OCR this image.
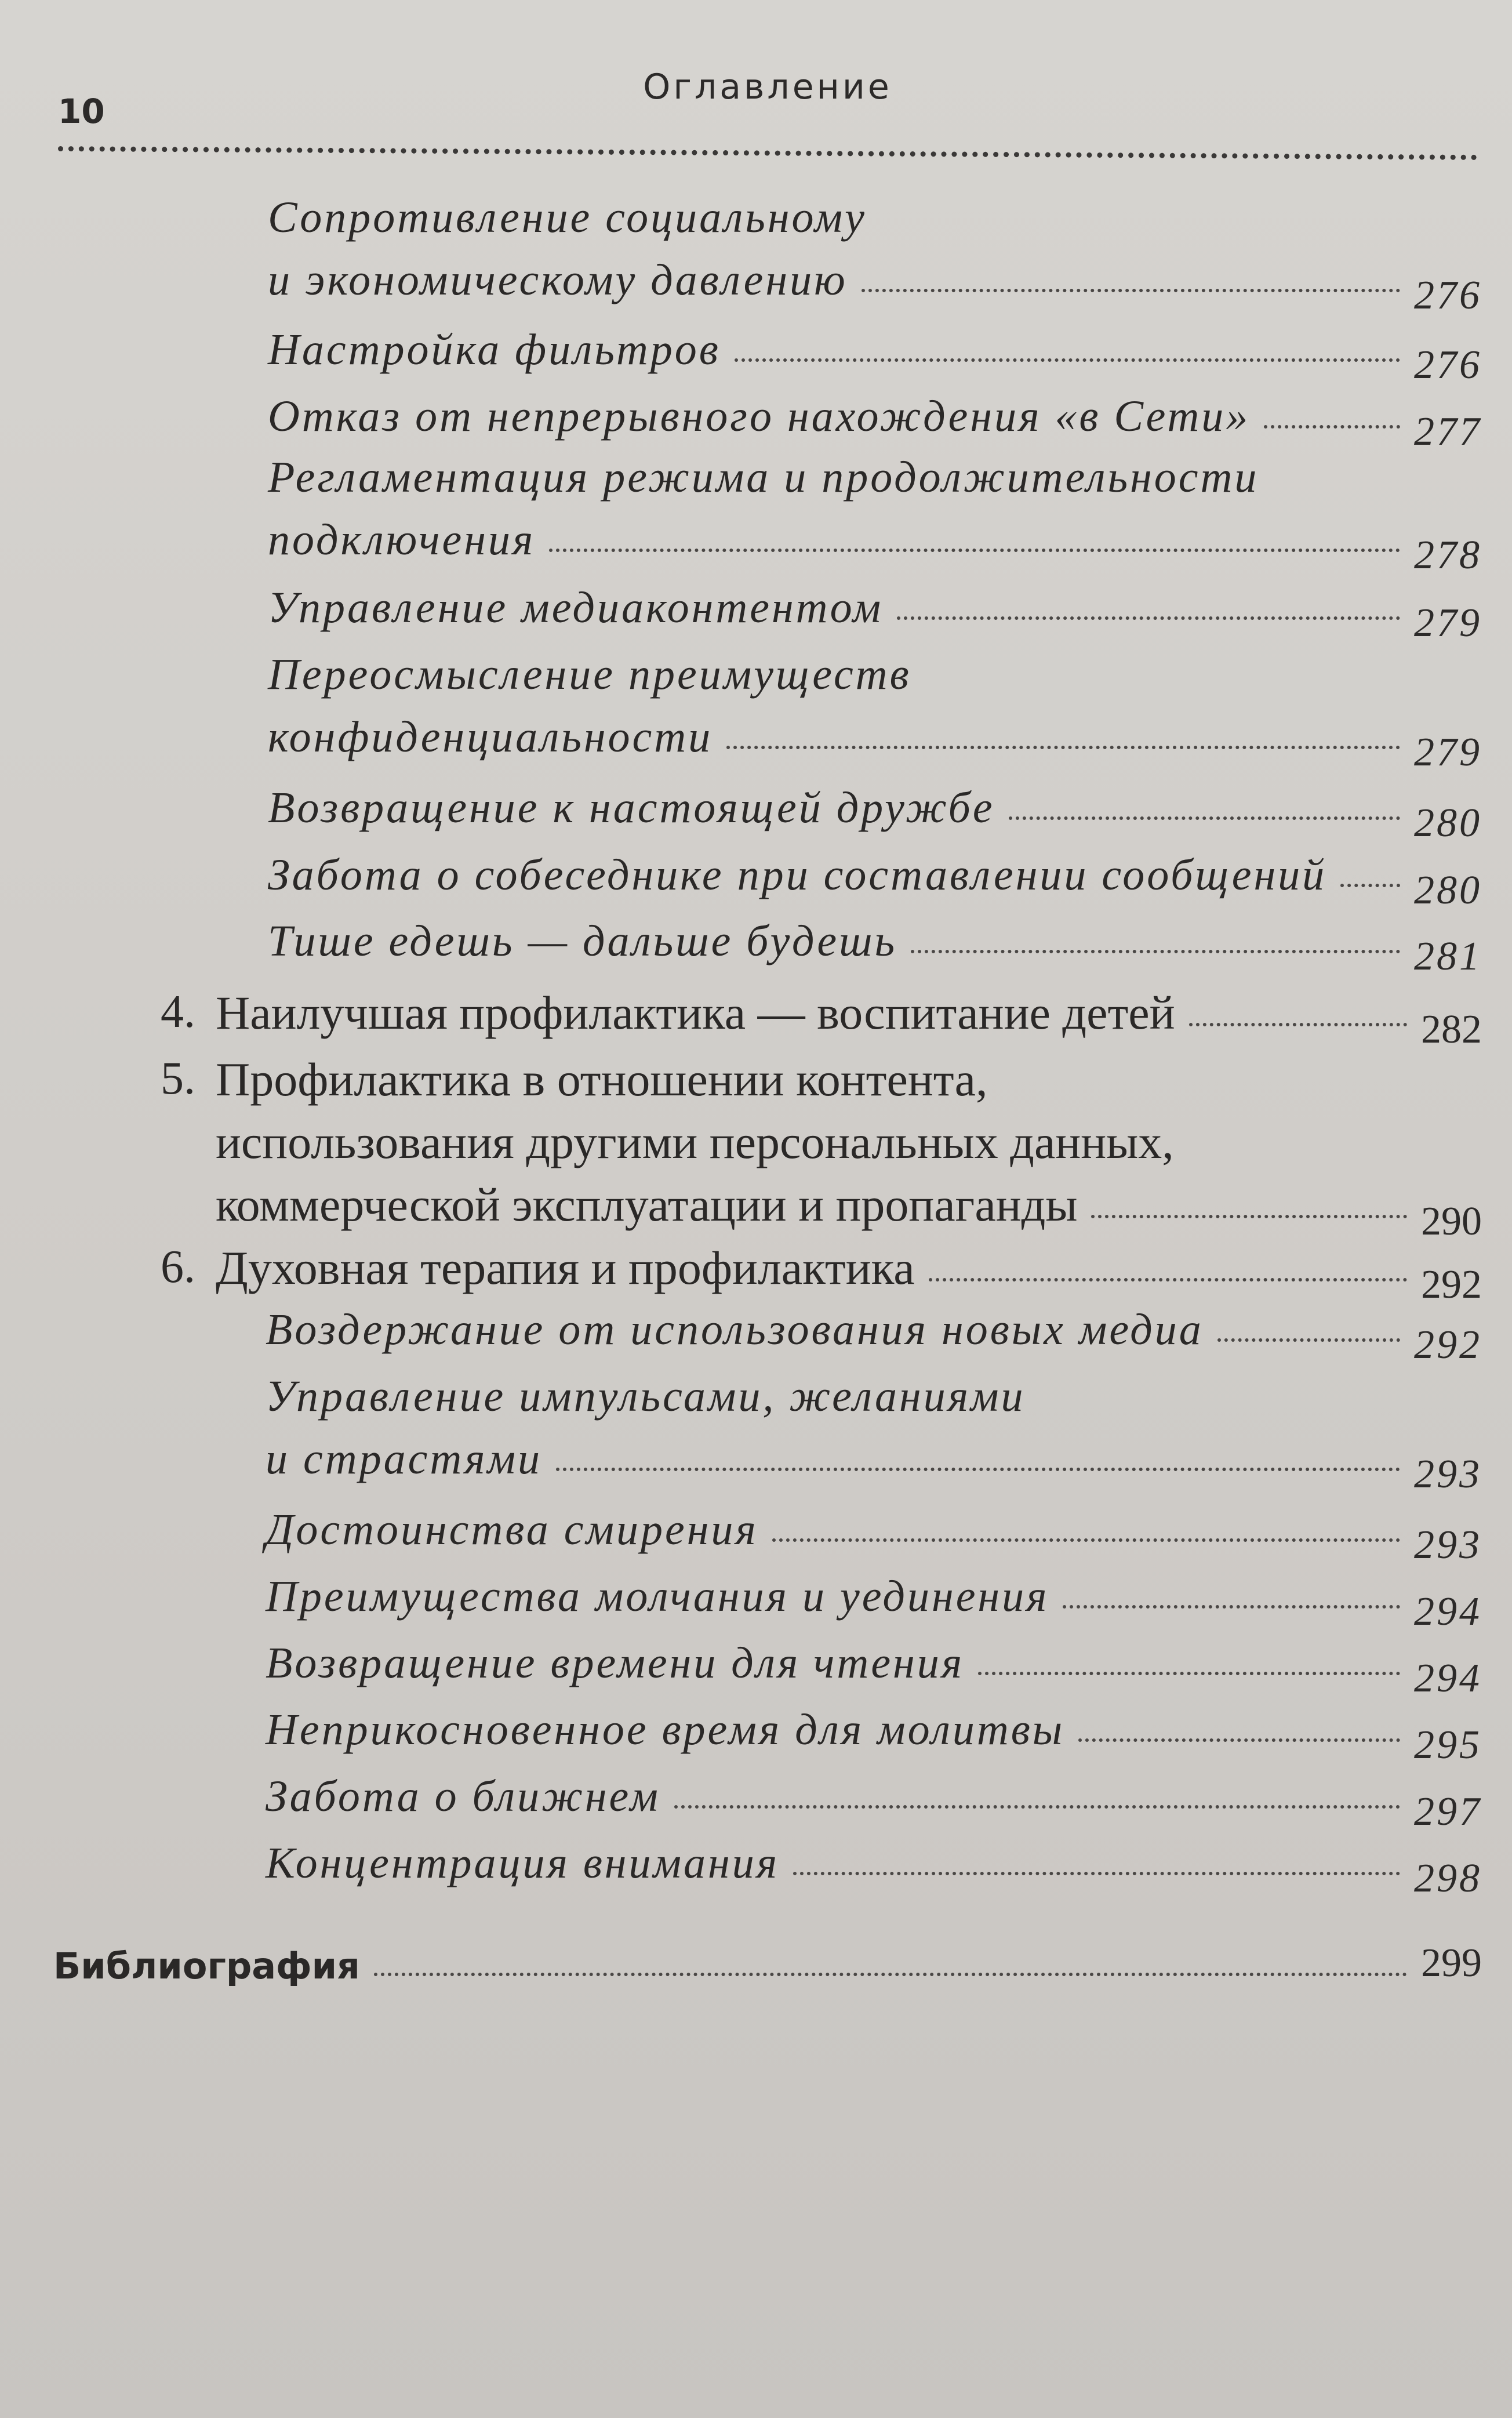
10
Оглавление
Сопротивление социальному
и экономическому давлению	276
Настройка фильтров	276
Отказ от непрерывного нахождения «в Сети»	277
Регламентация режима и продолжительности
подключения	278
Управление медиаконтентом	279
Переосмысление преимуществ
конфиденциальности	279
Возвращение к настоящей дружбе	280
Забота о собеседнике при составлении сообщений 280
Тише едешь — дальше будешь	281
4. Наилучшая профилактика — воспитание детей	282
5. Профилактика в отношении контента,
использования другими персональных данных,
коммерческой эксплуатации и пропаганды	290
6. Духовная терапия и профилактика	292
Воздержание от использования новых медиа	292
Управление импульсами, желаниями
и страстями	293
Достоинства смирения	293
Преимущества молчания и уединения	294
Возвращение времени для чтения	294
Неприкосновенное время для молитвы	295
Забота о ближнем	297
Концентрация внимания	298
Библиография	299
